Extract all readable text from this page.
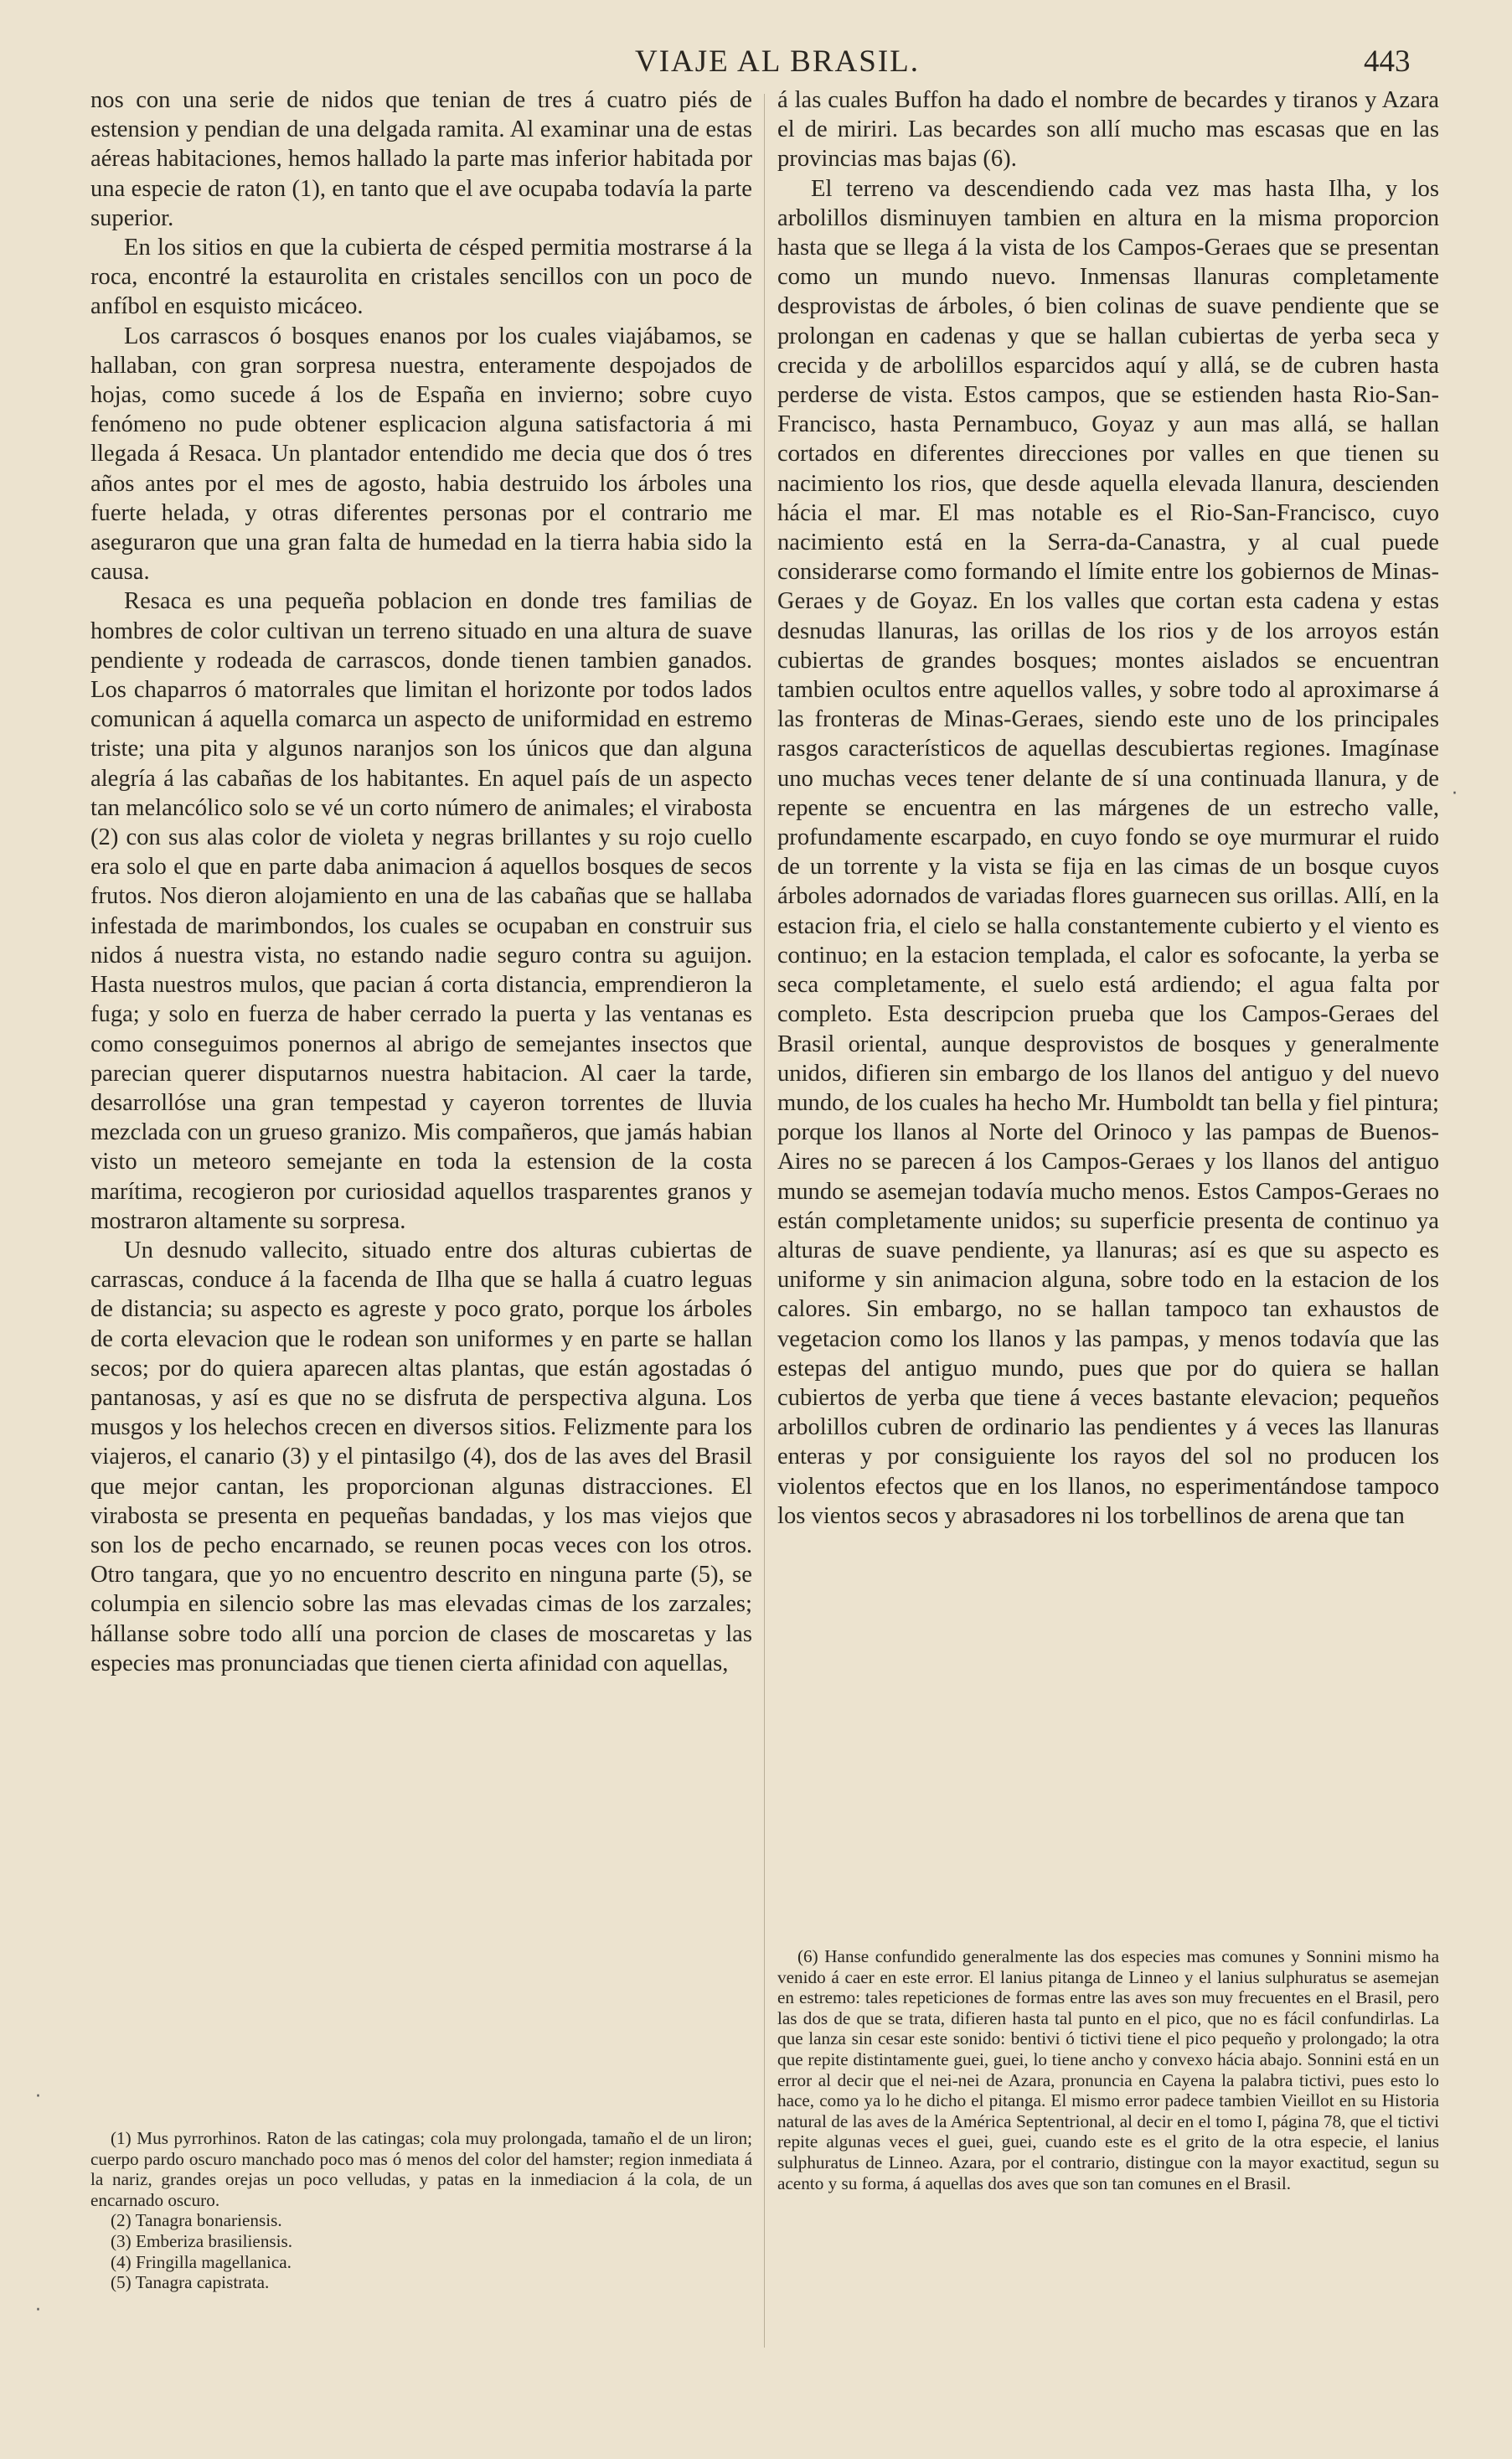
VIAJE AL BRASIL.	443

nos con una serie de nidos que tenian de tres á cuatro piés de estension y pendian de una delgada ramita. Al examinar una de estas aéreas habitaciones, hemos hallado la parte mas inferior habitada por una especie de raton (1), en tanto que el ave ocupaba todavía la parte superior.

En los sitios en que la cubierta de césped permitia mostrarse á la roca, encontré la estaurolita en cristales sencillos con un poco de anfíbol en esquisto micáceo.

Los carrascos ó bosques enanos por los cuales viajábamos, se hallaban, con gran sorpresa nuestra, enteramente despojados de hojas, como sucede á los de España en invierno; sobre cuyo fenómeno no pude obtener esplicacion alguna satisfactoria á mi llegada á Resaca. Un plantador entendido me decia que dos ó tres años antes por el mes de agosto, habia destruido los árboles una fuerte helada, y otras diferentes personas por el contrario me aseguraron que una gran falta de humedad en la tierra habia sido la causa.

Resaca es una pequeña poblacion en donde tres familias de hombres de color cultivan un terreno situado en una altura de suave pendiente y rodeada de carrascos, donde tienen tambien ganados. Los chaparros ó matorrales que limitan el horizonte por todos lados comunican á aquella comarca un aspecto de uniformidad en estremo triste; una pita y algunos naranjos son los únicos que dan alguna alegría á las cabañas de los habitantes. En aquel país de un aspecto tan melancólico solo se vé un corto número de animales; el virabosta (2) con sus alas color de violeta y negras brillantes y su rojo cuello era solo el que en parte daba animacion á aquellos bosques de secos frutos. Nos dieron alojamiento en una de las cabañas que se hallaba infestada de marimbondos, los cuales se ocupaban en construir sus nidos á nuestra vista, no estando nadie seguro contra su aguijon. Hasta nuestros mulos, que pacian á corta distancia, emprendieron la fuga; y solo en fuerza de haber cerrado la puerta y las ventanas es como conseguimos ponernos al abrigo de semejantes insectos que parecian querer disputarnos nuestra habitacion. Al caer la tarde, desarrollóse una gran tempestad y cayeron torrentes de lluvia mezclada con un grueso granizo. Mis compañeros, que jamás habian visto un meteoro semejante en toda la estension de la costa marítima, recogieron por curiosidad aquellos trasparentes granos y mostraron altamente su sorpresa.

Un desnudo vallecito, situado entre dos alturas cubiertas de carrascas, conduce á la facenda de Ilha que se halla á cuatro leguas de distancia; su aspecto es agreste y poco grato, porque los árboles de corta elevacion que le rodean son uniformes y en parte se hallan secos; por do quiera aparecen altas plantas, que están agostadas ó pantanosas, y así es que no se disfruta de perspectiva alguna. Los musgos y los helechos crecen en diversos sitios. Felizmente para los viajeros, el canario (3) y el pintasilgo (4), dos de las aves del Brasil que mejor cantan, les proporcionan algunas distracciones. El virabosta se presenta en pequeñas bandadas, y los mas viejos que son los de pecho encarnado, se reunen pocas veces con los otros. Otro tangara, que yo no encuentro descrito en ninguna parte (5), se columpia en silencio sobre las mas elevadas cimas de los zarzales; hállanse sobre todo allí una porcion de clases de moscaretas y las especies mas pronunciadas que tienen cierta afinidad con aquellas,

(1) Mus pyrrorhinos. Raton de las catingas; cola muy prolongada, tamaño el de un liron; cuerpo pardo oscuro manchado poco mas ó menos del color del hamster; region inmediata á la nariz, grandes orejas un poco velludas, y patas en la inmediacion á la cola, de un encarnado oscuro.

(2) Tanagra bonariensis.

(3) Emberiza brasiliensis.

(4) Fringilla magellanica.

(5) Tanagra capistrata.

á las cuales Buffon ha dado el nombre de becardes y tiranos y Azara el de miriri. Las becardes son allí mucho mas escasas que en las provincias mas bajas (6).

El terreno va descendiendo cada vez mas hasta Ilha, y los arbolillos disminuyen tambien en altura en la misma proporcion hasta que se llega á la vista de los Campos-Geraes que se presentan como un mundo nuevo. Inmensas llanuras completamente desprovistas de árboles, ó bien colinas de suave pendiente que se prolongan en cadenas y que se hallan cubiertas de yerba seca y crecida y de arbolillos esparcidos aquí y allá, se de cubren hasta perderse de vista. Estos campos, que se estienden hasta Rio-San-Francisco, hasta Pernambuco, Goyaz y aun mas allá, se hallan cortados en diferentes direcciones por valles en que tienen su nacimiento los rios, que desde aquella elevada llanura, descienden hácia el mar. El mas notable es el Rio-San-Francisco, cuyo nacimiento está en la Serra-da-Canastra, y al cual puede considerarse como formando el límite entre los gobiernos de Minas-Geraes y de Goyaz. En los valles que cortan esta cadena y estas desnudas llanuras, las orillas de los rios y de los arroyos están cubiertas de grandes bosques; montes aislados se encuentran tambien ocultos entre aquellos valles, y sobre todo al aproximarse á las fronteras de Minas-Geraes, siendo este uno de los principales rasgos característicos de aquellas descubiertas regiones. Imagínase uno muchas veces tener delante de sí una continuada llanura, y de repente se encuentra en las márgenes de un estrecho valle, profundamente escarpado, en cuyo fondo se oye murmurar el ruido de un torrente y la vista se fija en las cimas de un bosque cuyos árboles adornados de variadas flores guarnecen sus orillas. Allí, en la estacion fria, el cielo se halla constantemente cubierto y el viento es continuo; en la estacion templada, el calor es sofocante, la yerba se seca completamente, el suelo está ardiendo; el agua falta por completo. Esta descripcion prueba que los Campos-Geraes del Brasil oriental, aunque desprovistos de bosques y generalmente unidos, difieren sin embargo de los llanos del antiguo y del nuevo mundo, de los cuales ha hecho Mr. Humboldt tan bella y fiel pintura; porque los llanos al Norte del Orinoco y las pampas de Buenos-Aires no se parecen á los Campos-Geraes y los llanos del antiguo mundo se asemejan todavía mucho menos. Estos Campos-Geraes no están completamente unidos; su superficie presenta de continuo ya alturas de suave pendiente, ya llanuras; así es que su aspecto es uniforme y sin animacion alguna, sobre todo en la estacion de los calores. Sin embargo, no se hallan tampoco tan exhaustos de vegetacion como los llanos y las pampas, y menos todavía que las estepas del antiguo mundo, pues que por do quiera se hallan cubiertos de yerba que tiene á veces bastante elevacion; pequeños arbolillos cubren de ordinario las pendientes y á veces las llanuras enteras y por consiguiente los rayos del sol no producen los violentos efectos que en los llanos, no esperimentándose tampoco los vientos secos y abrasadores ni los torbellinos de arena que tan

(6) Hanse confundido generalmente las dos especies mas comunes y Sonnini mismo ha venido á caer en este error. El lanius pitanga de Linneo y el lanius sulphuratus se asemejan en estremo: tales repeticiones de formas entre las aves son muy frecuentes en el Brasil, pero las dos de que se trata, difieren hasta tal punto en el pico, que no es fácil confundirlas. La que lanza sin cesar este sonido: bentivi ó tictivi tiene el pico pequeño y prolongado; la otra que repite distintamente guei, guei, lo tiene ancho y convexo hácia abajo. Sonnini está en un error al decir que el nei-nei de Azara, pronuncia en Cayena la palabra tictivi, pues esto lo hace, como ya lo he dicho el pitanga. El mismo error padece tambien Vieillot en su Historia natural de las aves de la América Septentrional, al decir en el tomo I, página 78, que el tictivi repite algunas veces el guei, guei, cuando este es el grito de la otra especie, el lanius sulphuratus de Linneo. Azara, por el contrario, distingue con la mayor exactitud, segun su acento y su forma, á aquellas dos aves que son tan comunes en el Brasil.

·
·
·
